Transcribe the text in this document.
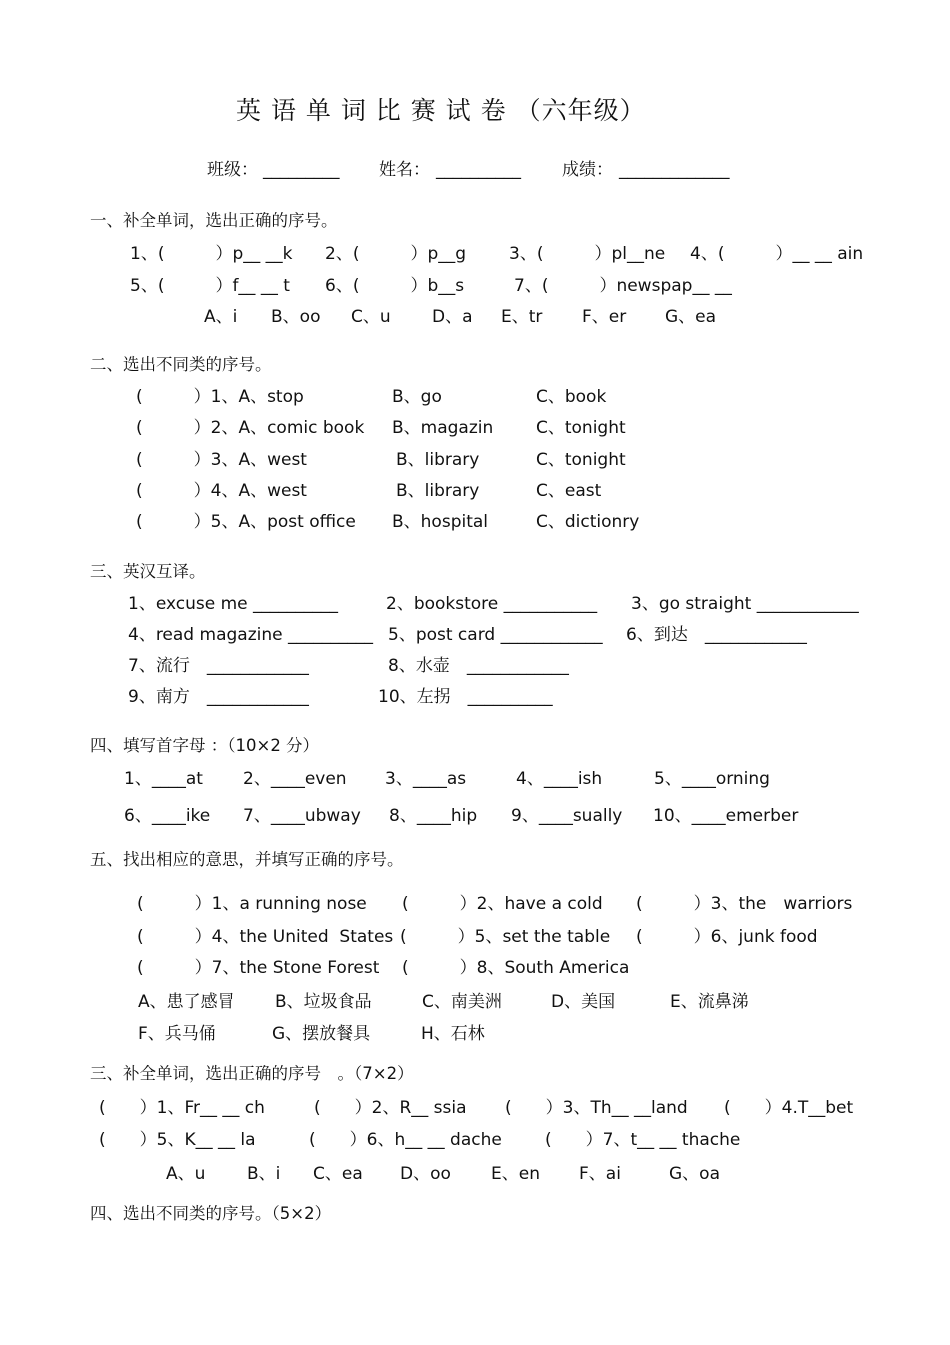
英 语 单 词 比 赛 试 卷 （六年级）
班级： _________ 姓名： __________ 成绩： _____________
一、补全单词，选出正确的序号。
1、(　　　）p__ __k 2、(　　　）p__g	3、(　　　）pl__ne 4、(　　　）__ __ ain
5、(　　　）f__ __ t 6、(　　　）b__s	7、(　　　）newspap__ __
A、i B、oo C、u D、a E、tr F、er G、ea
二、选出不同类的序号。
(　　　）1、A、stop	B、go	C、book
(　　　）2、A、comic book B、magazin	C、tonight
(　　　）3、A、west	B、library	C、tonight
(　　　）4、A、west	B、library	C、east
(　　　）5、A、post office B、hospital	C、dictionry
三、英汉互译。
1、excuse me __________	2、bookstore ___________ 3、go straight ____________
4、read magazine __________ 5、post card ____________ 6、到达　____________
7、流行　____________	8、水壶　____________
9、南方　____________	10、左拐　__________
四、填写首字母 ：（10×2 分）
1、____at 2、____even 3、____as	4、____ish	5、____orning
6、____ike 7、____ubway 8、____hip 9、____sually 10、____emerber
五、找出相应的意思，并填写正确的序号。
(　　　）1、a running nose (　　　）2、have a cold (　　　）3、the　warriors
(　　　）4、the United  States (　　　）5、set the table (　　　）6、junk food
(　　　）7、the Stone Forest (　　　）8、South America
A、患了感冒 B、垃圾食品	C、南美洲	D、美国	E、流鼻涕
F、兵马俑	G、摆放餐具	H、石林
三、补全单词，选出正确的序号　。（7×2）
(　　）1、Fr__ __ ch	(　　）2、R__ ssia (　　）3、Th__ __land (　　）4.T__bet
(　　）5、K__ __ la	(　　）6、h__ __ dache	(　　）7、t__ __ thache
A、u B、i C、ea D、oo E、en F、ai	G、oa
四、选出不同类的序号。（5×2）
